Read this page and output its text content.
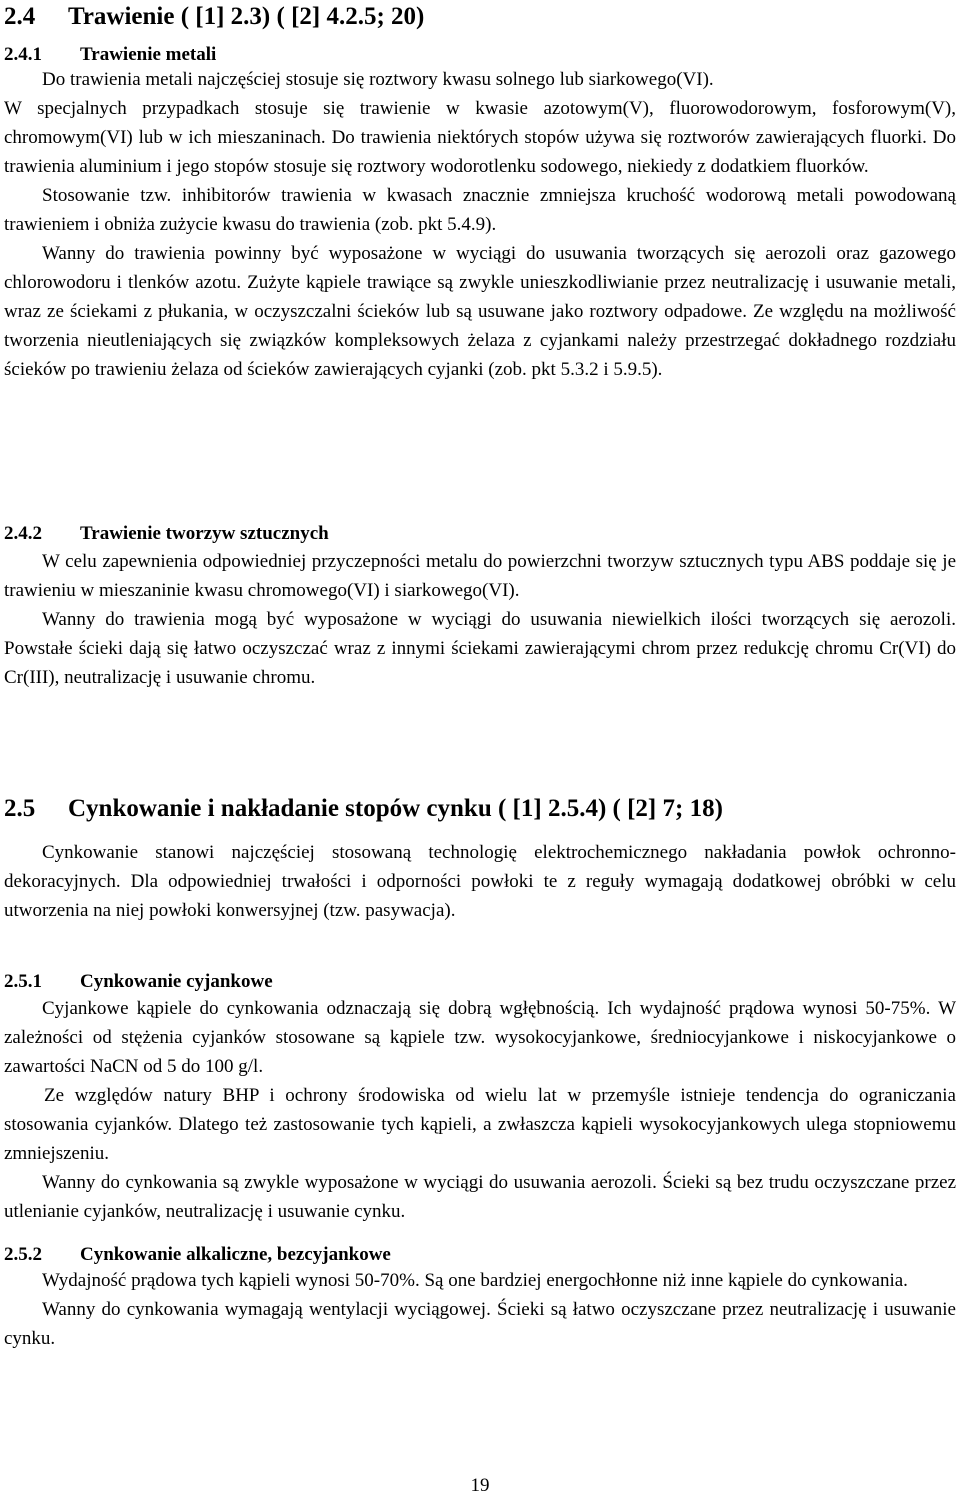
2.4 Trawienie ( [1] 2.3) ( [2] 4.2.5; 20)
2.4.1 Trawienie metali

Do trawienia metali najczęściej stosuje się roztwory kwasu solnego lub siarkowego(VI).

W specjalnych przypadkach stosuje się trawienie w kwasie azotowym(V), fluorowodorowym, fosforowym(V), chromowym(VI) lub w ich mieszaninach. Do trawienia niektórych stopów używa się roztworów zawierających fluorki. Do trawienia aluminium i jego stopów stosuje się roztwory wodorotlenku sodowego, niekiedy z dodatkiem fluorków.

Stosowanie tzw. inhibitorów trawienia w kwasach znacznie zmniejsza kruchość wodorową metali powodowaną trawieniem i obniża zużycie kwasu do trawienia (zob. pkt 5.4.9).

Wanny do trawienia powinny być wyposażone w wyciągi do usuwania tworzących się aerozoli oraz gazowego chlorowodoru i tlenków azotu. Zużyte kąpiele trawiące są zwykle unieszkodliwianie przez neutralizację i usuwanie metali, wraz ze ściekami z płukania, w oczyszczalni ścieków lub są usuwane jako roztwory odpadowe. Ze względu na możliwość tworzenia nieutleniających się związków kompleksowych żelaza z cyjankami należy przestrzegać dokładnego rozdziału ścieków po trawieniu żelaza od ścieków zawierających cyjanki (zob. pkt 5.3.2 i 5.9.5).

2.4.2 Trawienie tworzyw sztucznych

W celu zapewnienia odpowiedniej przyczepności metalu do powierzchni tworzyw sztucznych typu ABS poddaje się je trawieniu w mieszaninie kwasu chromowego(VI) i siarkowego(VI).

Wanny do trawienia mogą być wyposażone w wyciągi do usuwania niewielkich ilości tworzących się aerozoli. Powstałe ścieki dają się łatwo oczyszczać wraz z innymi ściekami zawierającymi chrom przez redukcję chromu Cr(VI) do Cr(III), neutralizację i usuwanie chromu.

2.5 Cynkowanie i nakładanie stopów cynku ( [1] 2.5.4) ( [2] 7; 18)

Cynkowanie stanowi najczęściej stosowaną technologię elektrochemicznego nakładania powłok ochronno-dekoracyjnych. Dla odpowiedniej trwałości i odporności powłoki te z reguły wymagają dodatkowej obróbki w celu utworzenia na niej powłoki konwersyjnej (tzw. pasywacja).

2.5.1 Cynkowanie cyjankowe

Cyjankowe kąpiele do cynkowania odznaczają się dobrą wgłębnością. Ich wydajność prądowa wynosi 50-75%. W zależności od stężenia cyjanków stosowane są kąpiele tzw. wysokocyjankowe, średniocyjankowe i niskocyjankowe o zawartości NaCN od 5 do 100 g/l.

Ze względów natury BHP i ochrony środowiska od wielu lat w przemyśle istnieje tendencja do ograniczania stosowania cyjanków. Dlatego też zastosowanie tych kąpieli, a zwłaszcza kąpieli wysokocyjankowych ulega stopniowemu zmniejszeniu.

Wanny do cynkowania są zwykle wyposażone w wyciągi do usuwania aerozoli. Ścieki są bez trudu oczyszczane przez utlenianie cyjanków, neutralizację i usuwanie cynku.

2.5.2 Cynkowanie alkaliczne, bezcyjankowe

Wydajność prądowa tych kąpieli wynosi 50-70%. Są one bardziej energochłonne niż inne kąpiele do cynkowania.

Wanny do cynkowania wymagają wentylacji wyciągowej. Ścieki są łatwo oczyszczane przez neutralizację i usuwanie cynku.

19
